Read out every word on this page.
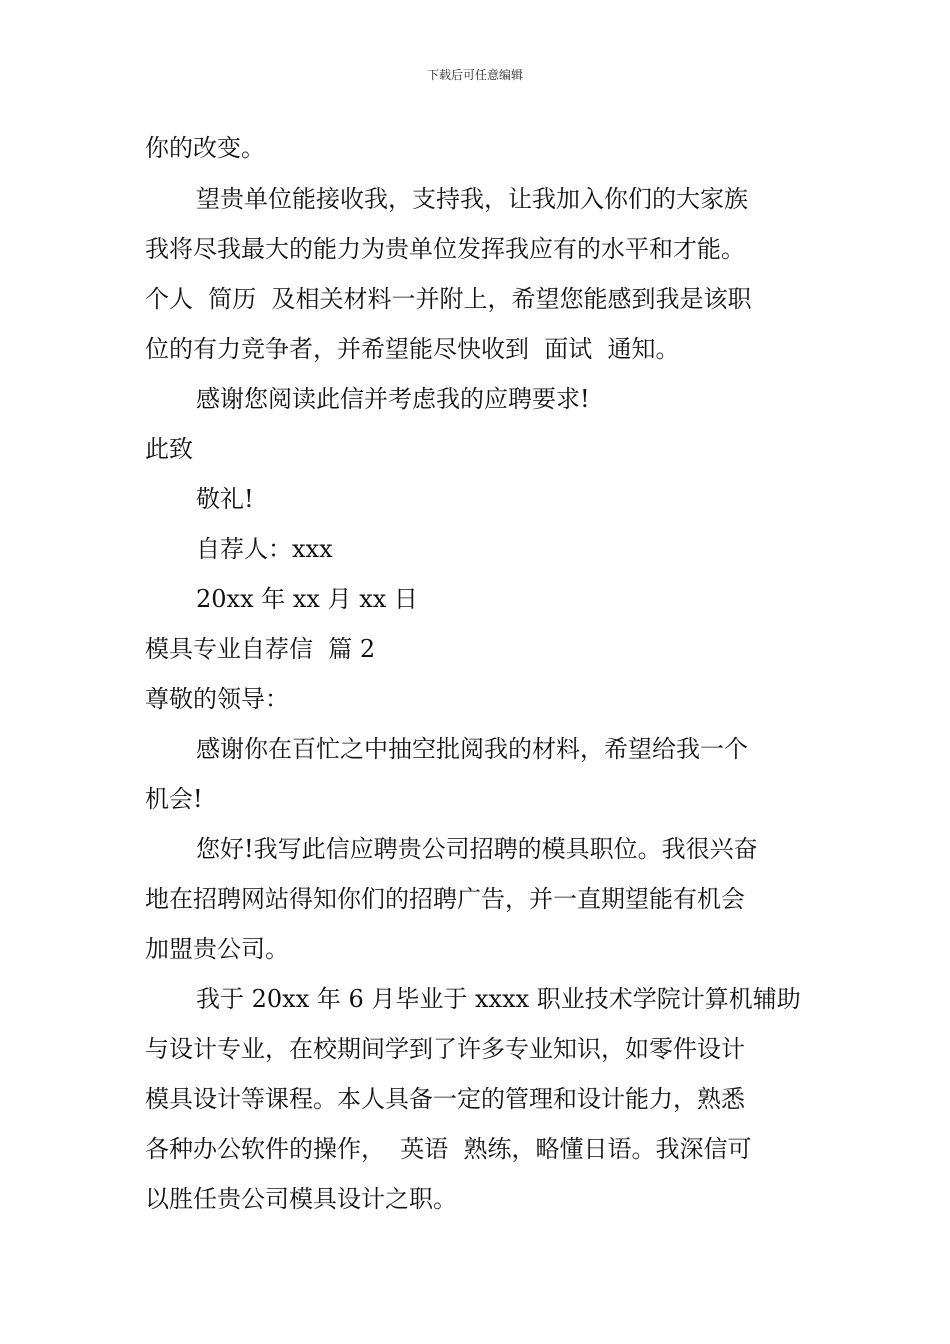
下载后可任意编辑
你的改变。
望贵单位能接收我，支持我，让我加入你们的大家族
我将尽我最大的能力为贵单位发挥我应有的水平和才能。
个人  简历  及相关材料一并附上，希望您能感到我是该职
位的有力竞争者，并希望能尽快收到  面试  通知。
感谢您阅读此信并考虑我的应聘要求!
此致
敬礼!
自荐人：xxx
20xx 年 xx 月 xx 日
模具专业自荐信  篇 2
尊敬的领导：
感谢你在百忙之中抽空批阅我的材料，希望给我一个
机会!
您好!我写此信应聘贵公司招聘的模具职位。我很兴奋
地在招聘网站得知你们的招聘广告，并一直期望能有机会
加盟贵公司。
我于 20xx 年 6 月毕业于 xxxx 职业技术学院计算机辅助
与设计专业，在校期间学到了许多专业知识，如零件设计
模具设计等课程。本人具备一定的管理和设计能力，熟悉
各种办公软件的操作，  英语  熟练，略懂日语。我深信可
以胜任贵公司模具设计之职。
